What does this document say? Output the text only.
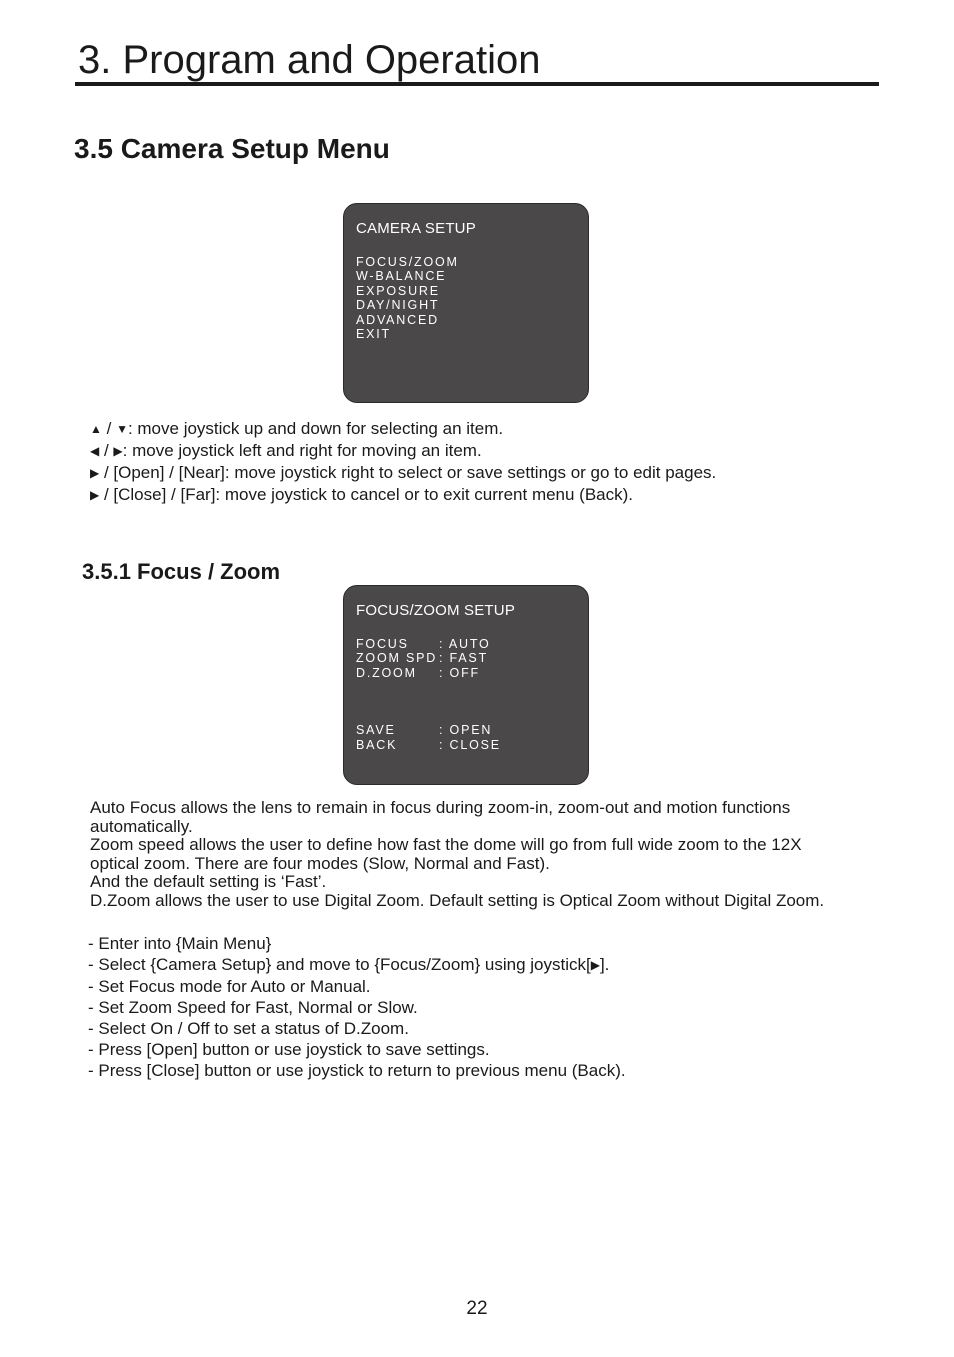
3. Program and Operation
3.5 Camera Setup Menu
CAMERA SETUP
FOCUS/ZOOM
W-BALANCE
EXPOSURE
DAY/NIGHT
ADVANCED
EXIT
▲ / ▼: move joystick up and down for selecting an item.
◀ / ▶: move joystick left and right for moving an item.
▶ / [Open] / [Near]: move joystick right to select or save settings or go to edit pages.
▶ / [Close] / [Far]: move joystick to cancel or to exit current menu (Back).
3.5.1 Focus / Zoom
FOCUS/ZOOM SETUP
FOCUS	: AUTO
ZOOM SPD : FAST
D.ZOOM	: OFF
SAVE	: OPEN
BACK	: CLOSE

Auto Focus allows the lens to remain in focus during zoom-in, zoom-out and motion functions

automatically.

Zoom speed allows the user to define how fast the dome will go from full wide zoom to the 12X

optical zoom. There are four modes (Slow, Normal and Fast).

And the default setting is ‘Fast’.

D.Zoom allows the user to use Digital Zoom. Default setting is Optical Zoom without Digital Zoom.

- Enter into {Main Menu}
- Select {Camera Setup} and move to {Focus/Zoom} using joystick[▶].
- Set Focus mode for Auto or Manual.
- Set Zoom Speed for Fast, Normal or Slow.
- Select On / Off to set a status of D.Zoom.
- Press [Open] button or use joystick to save settings.
- Press [Close] button or use joystick to return to previous menu (Back).
22
